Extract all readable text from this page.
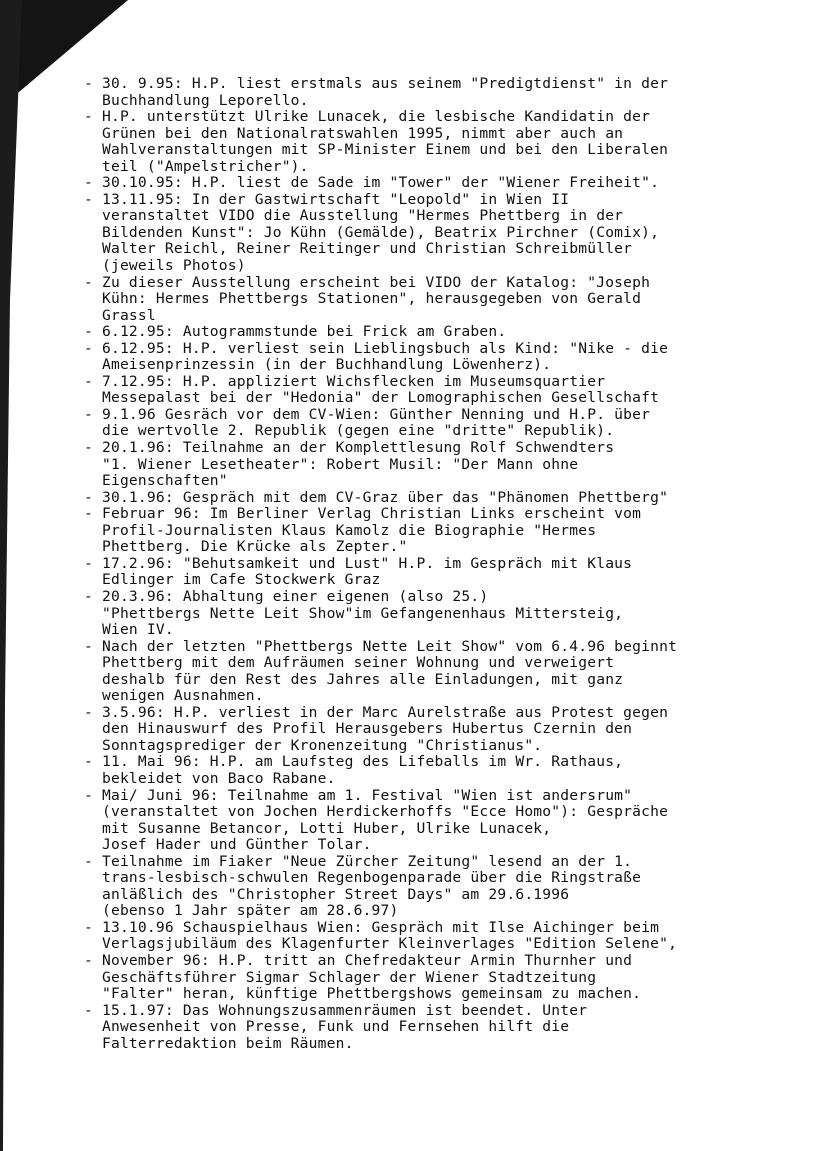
- 30. 9.95: H.P. liest erstmals aus seinem "Predigtdienst" in der
Buchhandlung Leporello.
- H.P. unterstützt Ulrike Lunacek, die lesbische Kandidatin der
Grünen bei den Nationalratswahlen 1995, nimmt aber auch an
Wahlveranstaltungen mit SP-Minister Einem und bei den Liberalen
teil ("Ampelstricher").
- 30.10.95: H.P. liest de Sade im "Tower" der "Wiener Freiheit".
- 13.11.95: In der Gastwirtschaft "Leopold" in Wien II
veranstaltet VIDO die Ausstellung "Hermes Phettberg in der
Bildenden Kunst": Jo Kühn (Gemälde), Beatrix Pirchner (Comix),
Walter Reichl, Reiner Reitinger und Christian Schreibmüller
(jeweils Photos)
- Zu dieser Ausstellung erscheint bei VIDO der Katalog: "Joseph
Kühn: Hermes Phettbergs Stationen", herausgegeben von Gerald
Grassl
- 6.12.95: Autogrammstunde bei Frick am Graben.
- 6.12.95: H.P. verliest sein Lieblingsbuch als Kind: "Nike - die
Ameisenprinzessin (in der Buchhandlung Löwenherz).
- 7.12.95: H.P. appliziert Wichsflecken im Museumsquartier
Messepalast bei der "Hedonia" der Lomographischen Gesellschaft
- 9.1.96 Gesräch vor dem CV-Wien: Günther Nenning und H.P. über
die wertvolle 2. Republik (gegen eine "dritte" Republik).
- 20.1.96: Teilnahme an der Komplettlesung Rolf Schwendters
"1. Wiener Lesetheater": Robert Musil: "Der Mann ohne
Eigenschaften"
- 30.1.96: Gespräch mit dem CV-Graz über das "Phänomen Phettberg"
- Februar 96: Im Berliner Verlag Christian Links erscheint vom
Profil-Journalisten Klaus Kamolz die Biographie "Hermes
Phettberg. Die Krücke als Zepter."
- 17.2.96: "Behutsamkeit und Lust" H.P. im Gespräch mit Klaus
Edlinger im Cafe Stockwerk Graz
- 20.3.96: Abhaltung einer eigenen (also 25.)
"Phettbergs Nette Leit Show"im Gefangenenhaus Mittersteig,
Wien IV.
- Nach der letzten "Phettbergs Nette Leit Show" vom 6.4.96 beginnt
Phettberg mit dem Aufräumen seiner Wohnung und verweigert
deshalb für den Rest des Jahres alle Einladungen, mit ganz
wenigen Ausnahmen.
- 3.5.96: H.P. verliest in der Marc Aurelstraße aus Protest gegen
den Hinauswurf des Profil Herausgebers Hubertus Czernin den
Sonntagsprediger der Kronenzeitung "Christianus".
- 11. Mai 96: H.P. am Laufsteg des Lifeballs im Wr. Rathaus,
bekleidet von Baco Rabane.
- Mai/ Juni 96: Teilnahme am 1. Festival "Wien ist andersrum"
(veranstaltet von Jochen Herdickerhoffs "Ecce Homo"): Gespräche
mit Susanne Betancor, Lotti Huber, Ulrike Lunacek,
Josef Hader und Günther Tolar.
- Teilnahme im Fiaker "Neue Zürcher Zeitung" lesend an der 1.
trans-lesbisch-schwulen Regenbogenparade über die Ringstraße
anläßlich des "Christopher Street Days" am 29.6.1996
(ebenso 1 Jahr später am 28.6.97)
- 13.10.96 Schauspielhaus Wien: Gespräch mit Ilse Aichinger beim
Verlagsjubiläum des Klagenfurter Kleinverlages "Edition Selene",
- November 96: H.P. tritt an Chefredakteur Armin Thurnher und
Geschäftsführer Sigmar Schlager der Wiener Stadtzeitung
"Falter" heran, künftige Phettbergshows gemeinsam zu machen.
- 15.1.97: Das Wohnungszusammenräumen ist beendet. Unter
Anwesenheit von Presse, Funk und Fernsehen hilft die
Falterredaktion beim Räumen.
